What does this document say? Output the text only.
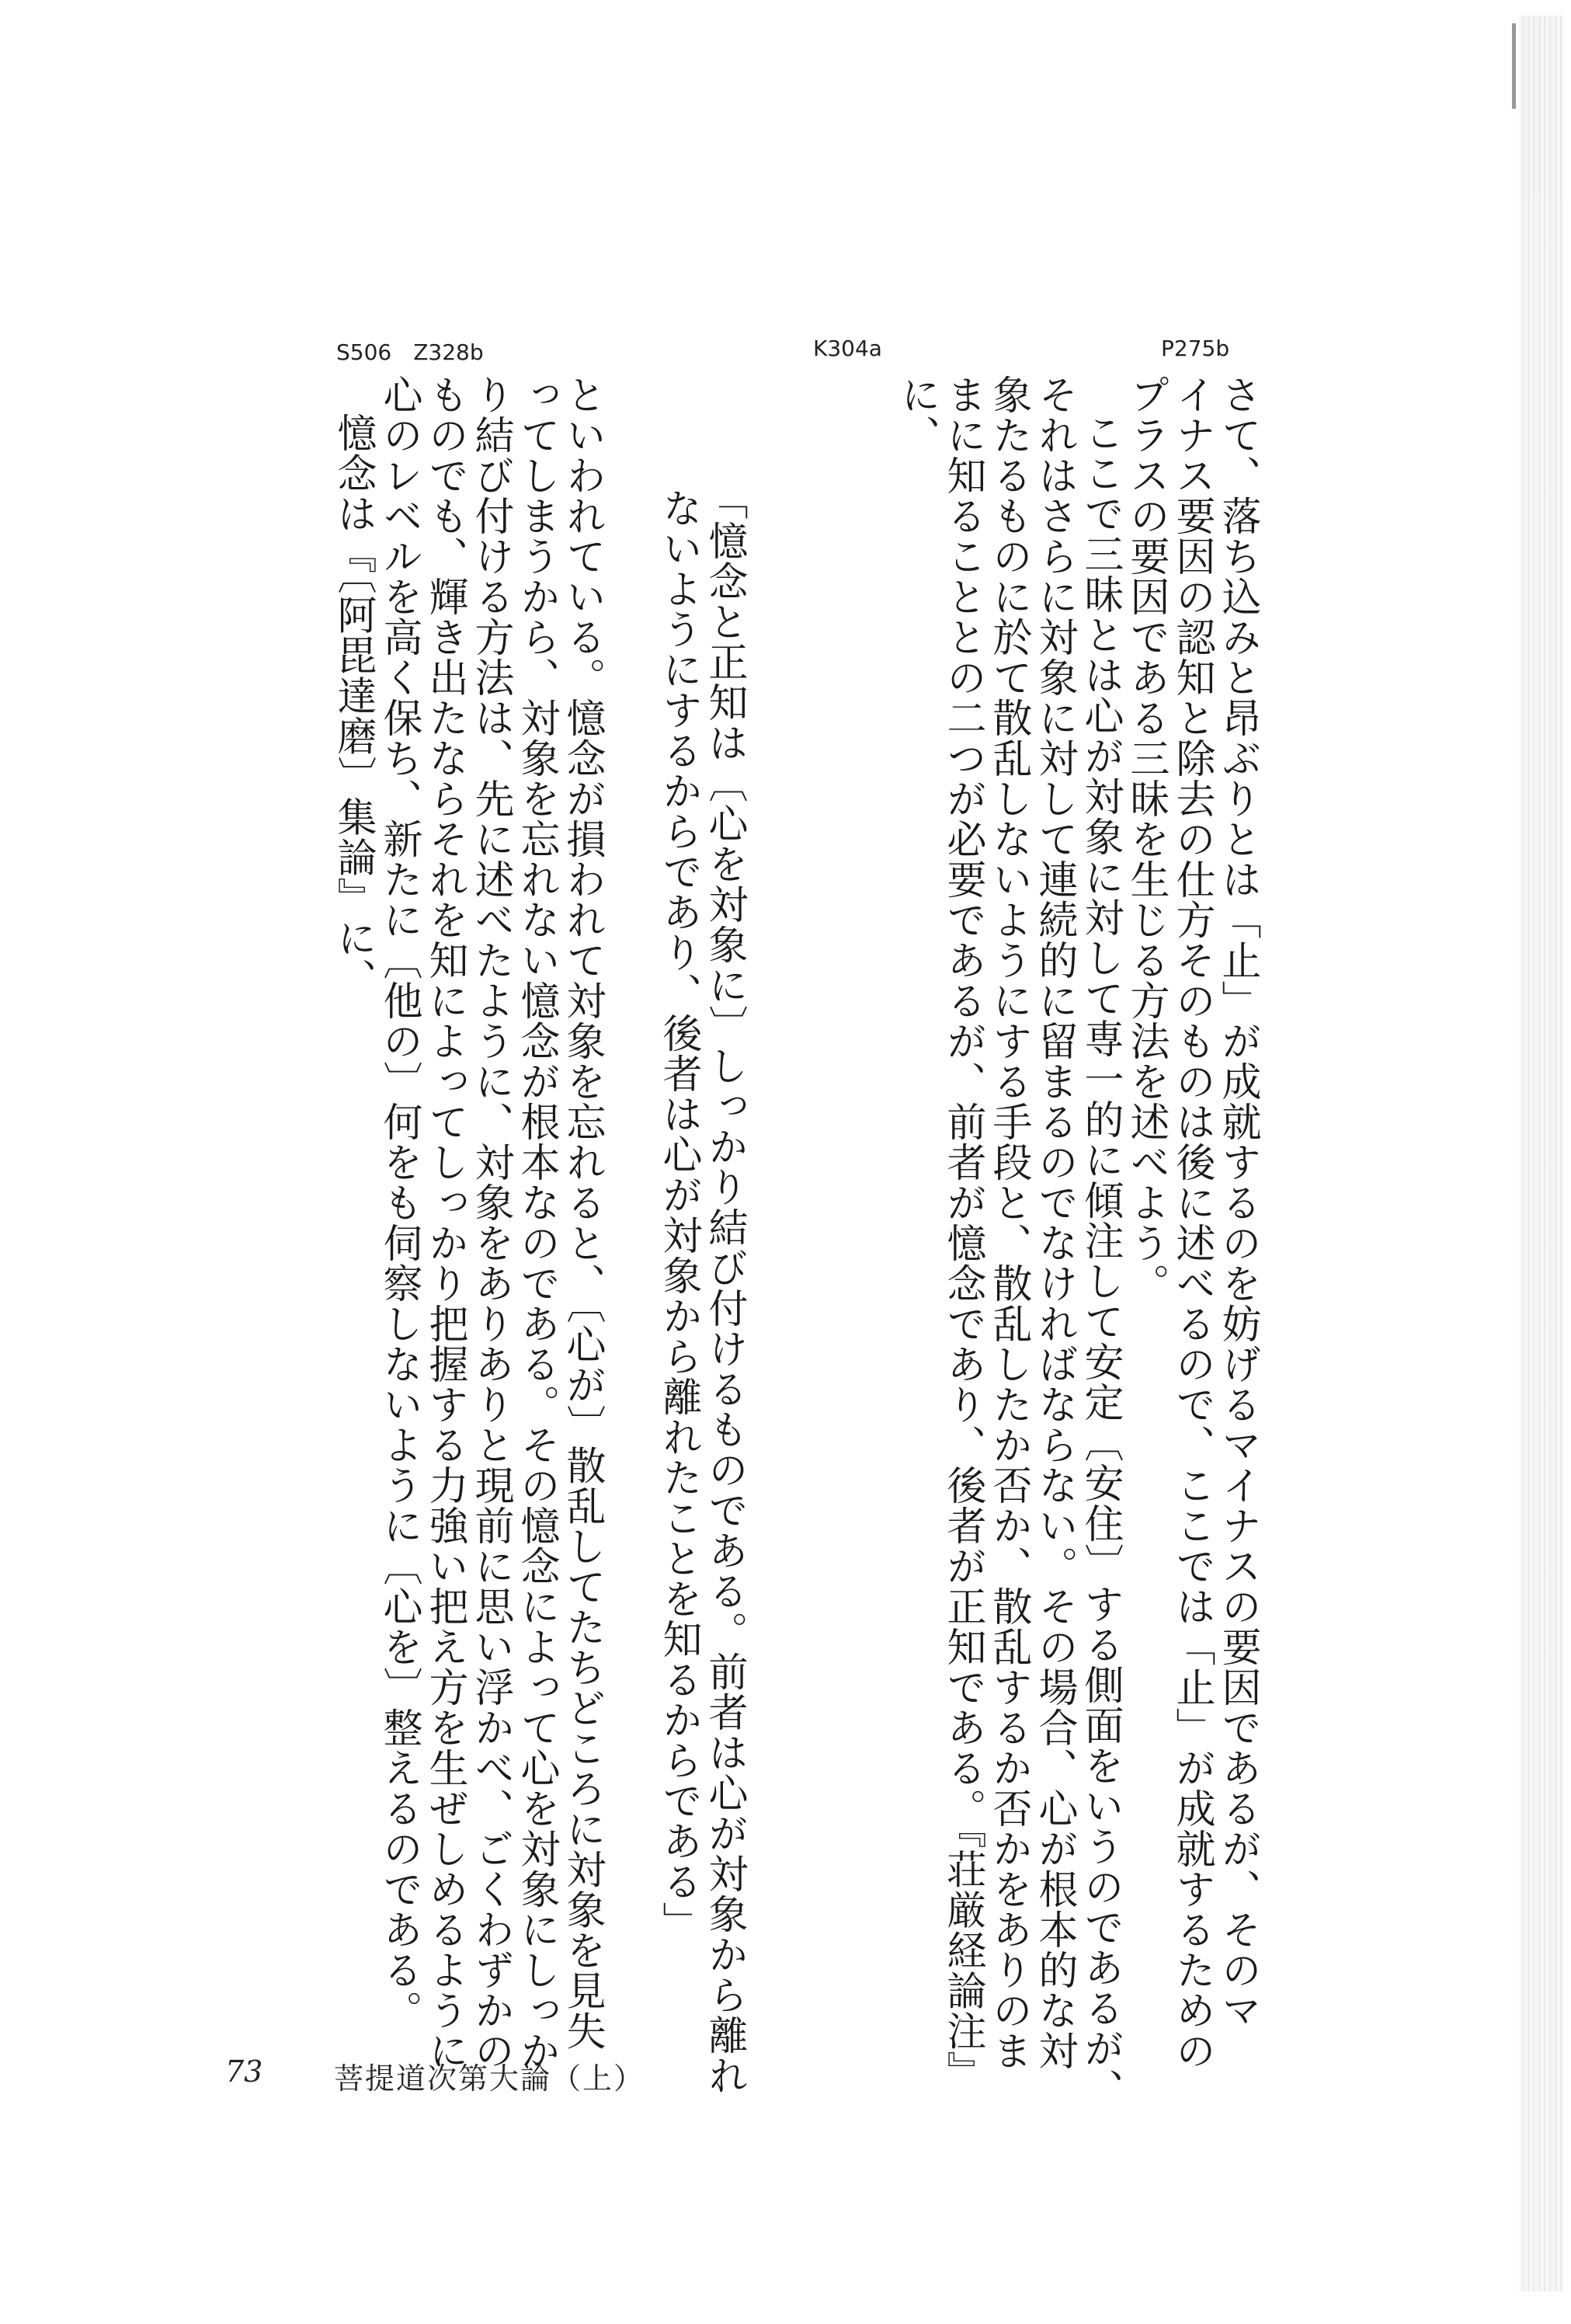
P275b
K304a
S506　Z328b
さて、落ち込みと昂ぶりとは「止」が成就するのを妨げるマイナスの要因であるが、そのマ
イナス要因の認知と除去の仕方そのものは後に述べるので、ここでは「止」が成就するための
プラスの要因である三昧を生じる方法を述べよう。
ここで三昧とは心が対象に対して専一的に傾注して安定〔安住〕する側面をいうのであるが、
それはさらに対象に対して連続的に留まるのでなければならない。その場合、心が根本的な対
象たるものに於て散乱しないようにする手段と、散乱したか否か、散乱するか否かをありのま
まに知ることとの二つが必要であるが、前者が憶念であり、後者が正知である。『荘厳経論注』
に、
「憶念と正知は〔心を対象に〕しっかり結び付けるものである。前者は心が対象から離れ
ないようにするからであり、後者は心が対象から離れたことを知るからである」
といわれている。憶念が損われて対象を忘れると、〔心が〕散乱してたちどころに対象を見失
ってしまうから、対象を忘れない憶念が根本なのである。その憶念によって心を対象にしっか
り結び付ける方法は、先に述べたように、対象をありありと現前に思い浮かべ、ごくわずかの
ものでも、輝き出たならそれを知によってしっかり把握する力強い把え方を生ぜしめるように
心のレベルを高く保ち、新たに〔他の〕何をも伺察しないように〔心を〕整えるのである。
憶念は『〔阿毘達磨〕集論』に、
73 菩提道次第大論（上）
